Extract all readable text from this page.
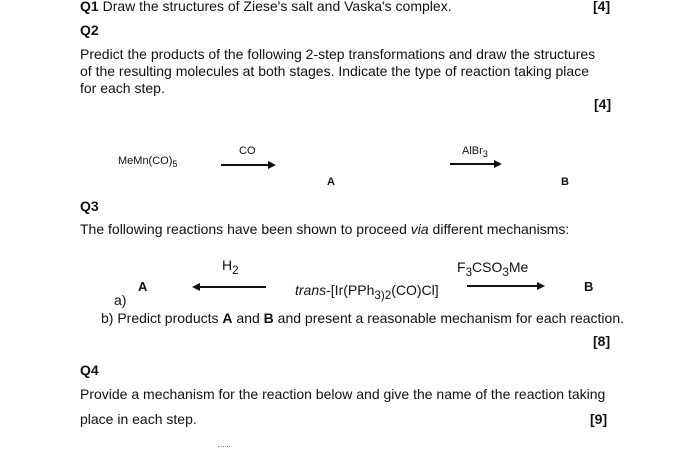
Q1 Draw the structures of Ziese's salt and Vaska's complex.	[4]
Q2
Predict the products of the following 2-step transformations and draw the structures
of the resulting molecules at both stages. Indicate the type of reaction taking place
for each step.
[4]
$MeMn(CO)_5$
CO
A
AlBr$_3$
B
Q3
The following reactions have been shown to proceed via different mechanisms:
$H_2$
A	trans-[Ir(PPh$_{3)2}$(CO)Cl]
$F_3CSO_3Me$
B
a)
b) Predict products A and B and present a reasonable mechanism for each reaction.
[8]
Q4
Provide a mechanism for the reaction below and give the name of the reaction taking
place in each step.	[9]
